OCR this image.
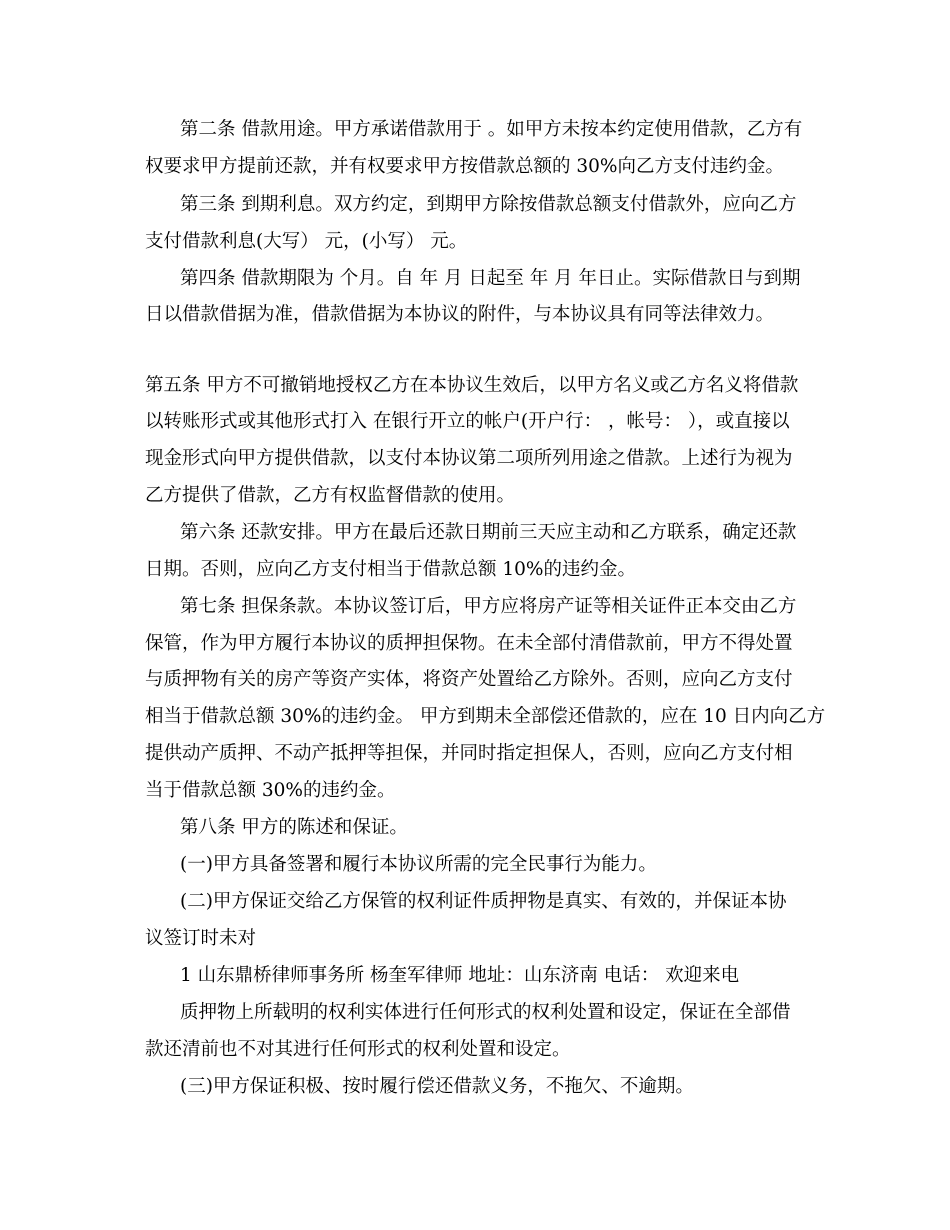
第二条 借款用途。甲方承诺借款用于 。如甲方未按本约定使用借款，乙方有
权要求甲方提前还款，并有权要求甲方按借款总额的 30%向乙方支付违约金。
第三条 到期利息。双方约定，到期甲方除按借款总额支付借款外，应向乙方
支付借款利息(大写） 元，(小写） 元。
第四条 借款期限为 个月。自 年 月 日起至 年 月 年日止。实际借款日与到期
日以借款借据为准，借款借据为本协议的附件，与本协议具有同等法律效力。
第五条 甲方不可撤销地授权乙方在本协议生效后，以甲方名义或乙方名义将借款
以转账形式或其他形式打入 在银行开立的帐户(开户行： ，帐号： ），或直接以
现金形式向甲方提供借款，以支付本协议第二项所列用途之借款。上述行为视为
乙方提供了借款，乙方有权监督借款的使用。
第六条 还款安排。甲方在最后还款日期前三天应主动和乙方联系，确定还款
日期。否则，应向乙方支付相当于借款总额 10%的违约金。
第七条 担保条款。本协议签订后，甲方应将房产证等相关证件正本交由乙方
保管，作为甲方履行本协议的质押担保物。在未全部付清借款前，甲方不得处置
与质押物有关的房产等资产实体，将资产处置给乙方除外。否则，应向乙方支付
相当于借款总额 30%的违约金。 甲方到期未全部偿还借款的，应在 10 日内向乙方
提供动产质押、不动产抵押等担保，并同时指定担保人，否则，应向乙方支付相
当于借款总额 30%的违约金。
第八条 甲方的陈述和保证。
(一)甲方具备签署和履行本协议所需的完全民事行为能力。
(二)甲方保证交给乙方保管的权利证件质押物是真实、有效的，并保证本协
议签订时未对
1 山东鼎桥律师事务所 杨奎军律师 地址：山东济南 电话： 欢迎来电
质押物上所载明的权利实体进行任何形式的权利处置和设定，保证在全部借
款还清前也不对其进行任何形式的权利处置和设定。
(三)甲方保证积极、按时履行偿还借款义务，不拖欠、不逾期。
